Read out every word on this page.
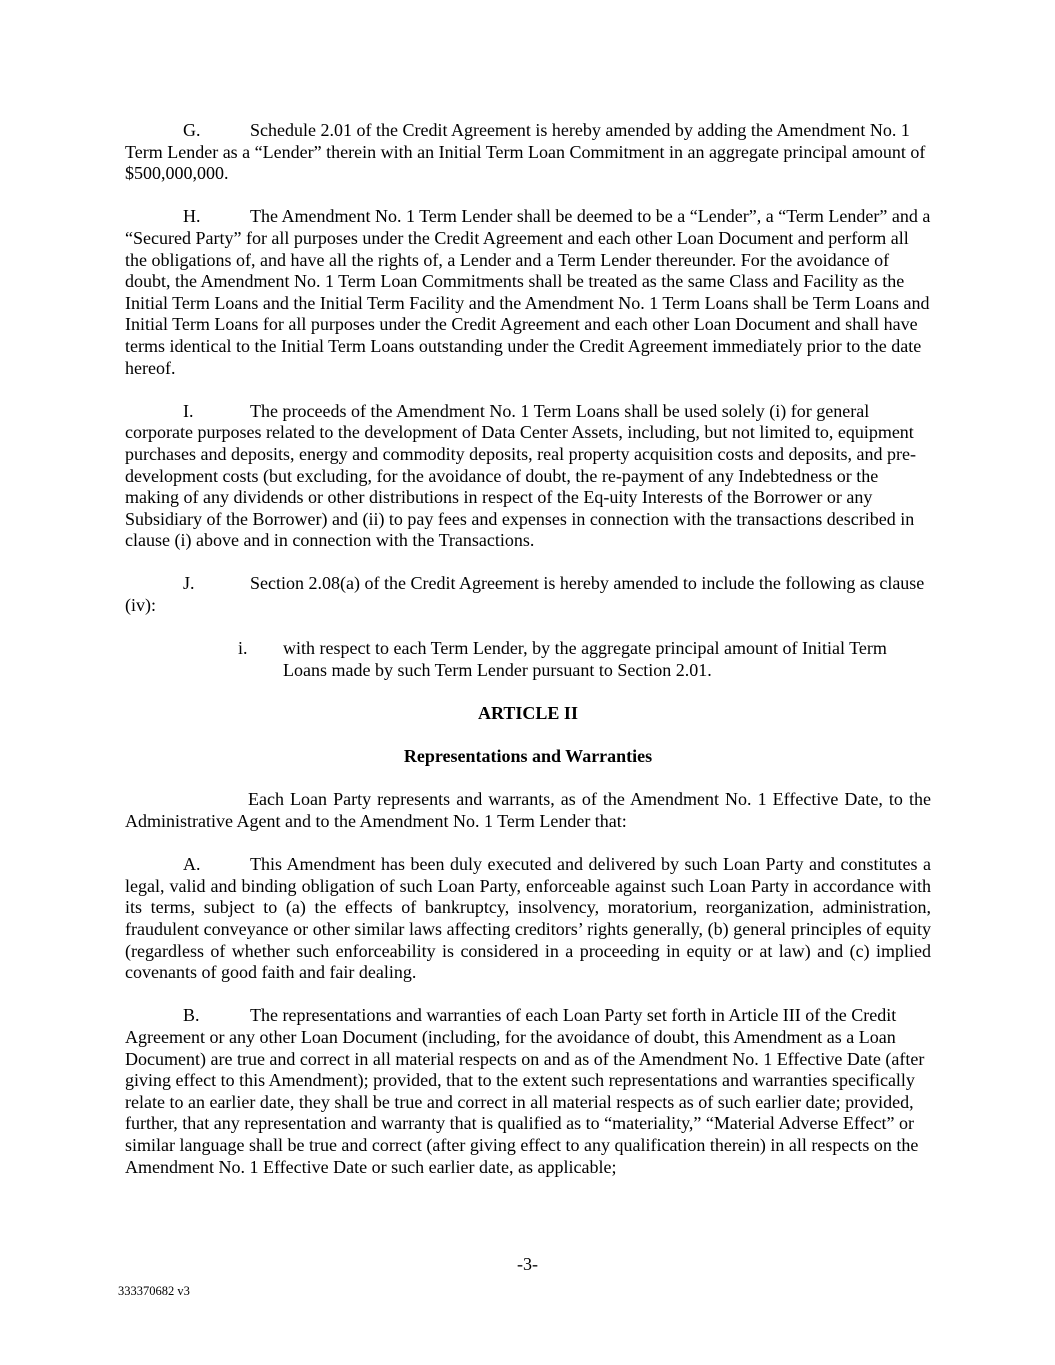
G.	Schedule 2.01 of the Credit Agreement is hereby amended by adding the Amendment No. 1 Term Lender as a “Lender” therein with an Initial Term Loan Commitment in an aggregate principal amount of $500,000,000.

H.	The Amendment No. 1 Term Lender shall be deemed to be a “Lender”, a “Term Lender” and a “Secured Party” for all purposes under the Credit Agreement and each other Loan Document and perform all the obligations of, and have all the rights of, a Lender and a Term Lender thereunder. For the avoidance of doubt, the Amendment No. 1 Term Loan Commitments shall be treated as the same Class and Facility as the Initial Term Loans and the Initial Term Facility and the Amendment No. 1 Term Loans shall be Term Loans and Initial Term Loans for all purposes under the Credit Agreement and each other Loan Document and shall have terms identical to the Initial Term Loans outstanding under the Credit Agreement immediately prior to the date hereof.

I.	The proceeds of the Amendment No. 1 Term Loans shall be used solely (i) for general corporate purposes related to the development of Data Center Assets, including, but not limited to, equipment purchases and deposits, energy and commodity deposits, real property acquisition costs and deposits, and pre-development costs (but excluding, for the avoidance of doubt, the re-payment of any Indebtedness or the making of any dividends or other distributions in respect of the Eq-uity Interests of the Borrower or any Subsidiary of the Borrower) and (ii) to pay fees and expenses in connection with the transactions described in clause (i) above and in connection with the Transactions.

J.	Section 2.08(a) of the Credit Agreement is hereby amended to include the following as clause (iv):

i. with respect to each Term Lender, by the aggregate principal amount of Initial Term Loans made by such Term Lender pursuant to Section 2.01.

ARTICLE II

Representations and Warranties

Each Loan Party represents and warrants, as of the Amendment No. 1 Effective Date, to the Administrative Agent and to the Amendment No. 1 Term Lender that:

A.	This Amendment has been duly executed and delivered by such Loan Party and constitutes a legal, valid and binding obligation of such Loan Party, enforceable against such Loan Party in accordance with its terms, subject to (a) the effects of bankruptcy, insolvency, moratorium, reorganization, administration, fraudulent conveyance or other similar laws affecting creditors’ rights generally, (b) general principles of equity (regardless of whether such enforceability is considered in a proceeding in equity or at law) and (c) implied covenants of good faith and fair dealing.

B.	The representations and warranties of each Loan Party set forth in Article III of the Credit Agreement or any other Loan Document (including, for the avoidance of doubt, this Amendment as a Loan Document) are true and correct in all material respects on and as of the Amendment No. 1 Effective Date (after giving effect to this Amendment); provided, that to the extent such representations and warranties specifically relate to an earlier date, they shall be true and correct in all material respects as of such earlier date; provided, further, that any representation and warranty that is qualified as to “materiality,” “Material Adverse Effect” or similar language shall be true and correct (after giving effect to any qualification therein) in all respects on the Amendment No. 1 Effective Date or such earlier date, as applicable;

-3-
333370682 v3
